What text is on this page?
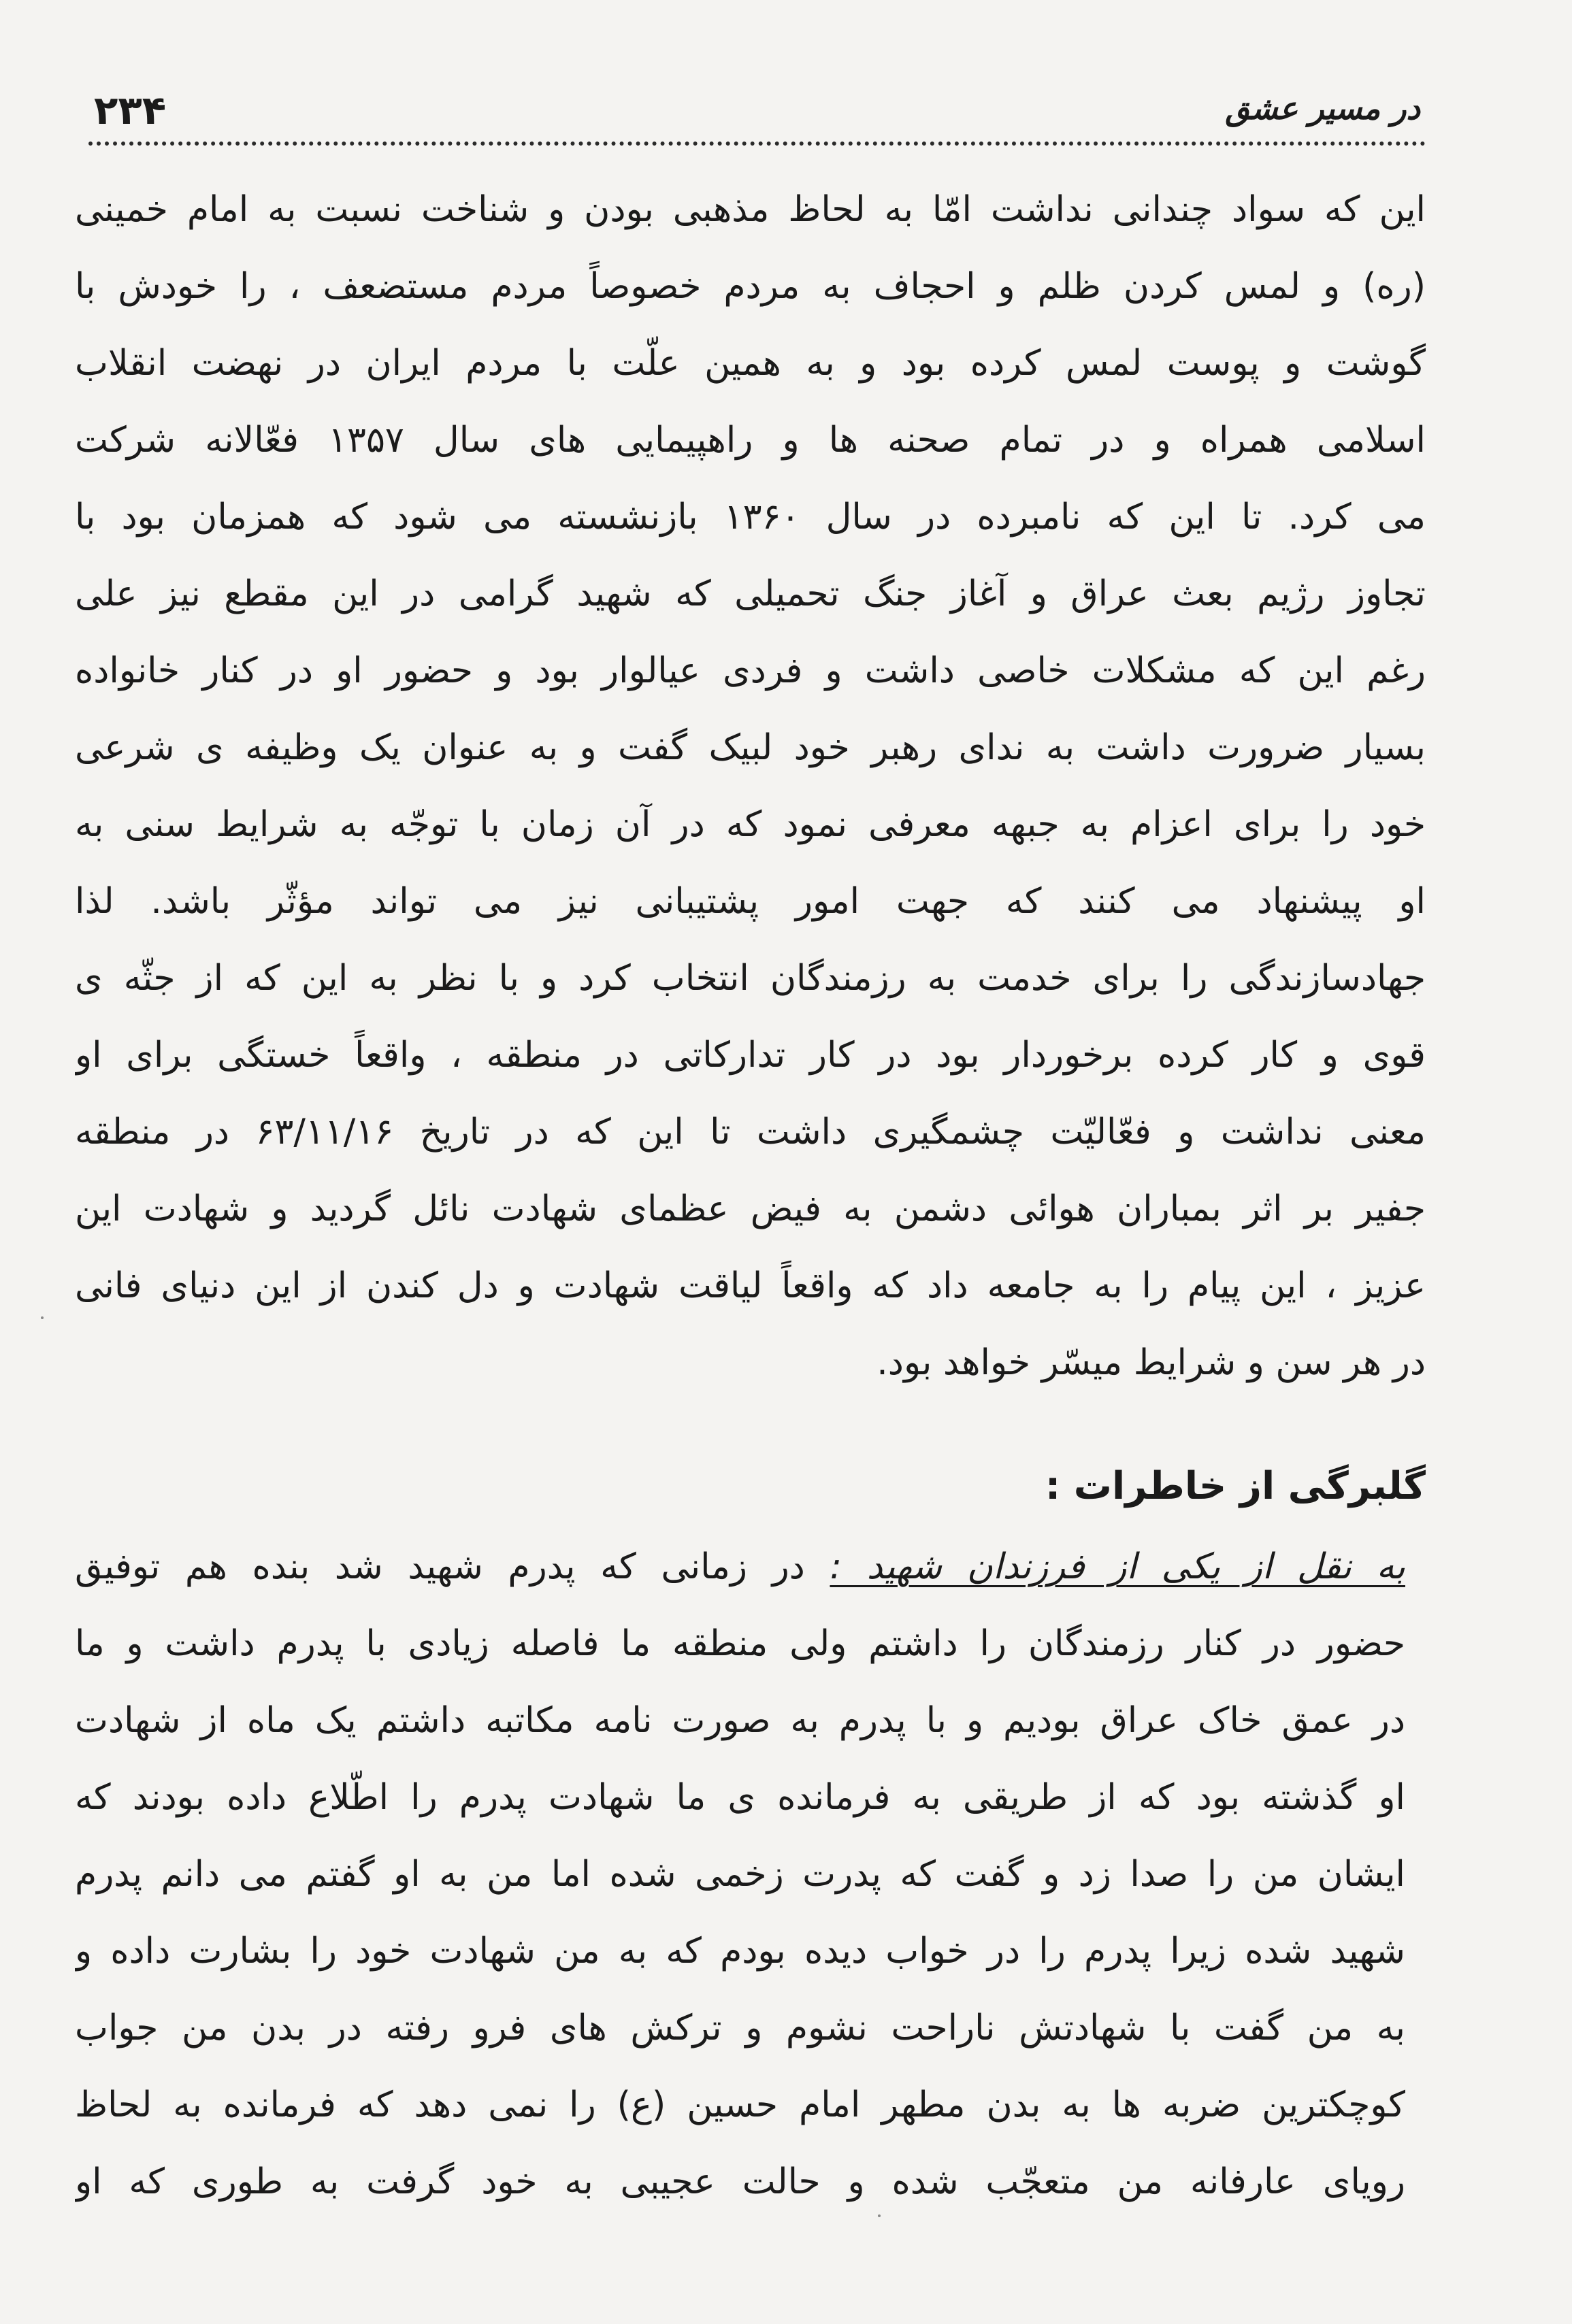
۲۳۴	در مسیر عشق
این که سواد چندانی نداشت امّا به لحاظ مذهبی بودن و شناخت نسبت به امام خمینی
(ره) و لمس کردن ظلم و احجاف به مردم خصوصاً مردم مستضعف ، را خودش با
گوشت و پوست لمس کرده بود و به همین علّت با مردم ایران در نهضت انقلاب
اسلامی همراه و در تمام صحنه ها و راهپیمایی های سال ۱۳۵۷ فعّالانه شرکت
می کرد. تا این که نامبرده در سال ۱۳۶۰ بازنشسته می شود که همزمان بود با
تجاوز رژیم بعث عراق و آغاز جنگ تحمیلی که شهید گرامی در این مقطع نیز علی
رغم این که مشکلات خاصی داشت و فردی عیالوار بود و حضور او در کنار خانواده
بسیار ضرورت داشت به ندای رهبر خود لبیک گفت و به عنوان یک وظیفه ی شرعی
خود را برای اعزام به جبهه معرفی نمود که در آن زمان با توجّه به شرایط سنی به
او پیشنهاد می کنند که جهت امور پشتیبانی نیز می تواند مؤثّر باشد. لذا
جهادسازندگی را برای خدمت به رزمندگان انتخاب کرد و با نظر به این که از جثّه ی
قوی و کار کرده برخوردار بود در کار تدارکاتی در منطقه ، واقعاً خستگی برای او
معنی نداشت و فعّالیّت چشمگیری داشت تا این که در تاریخ ۶۳/۱۱/۱۶ در منطقه
جفیر بر اثر بمباران هوائی دشمن به فیض عظمای شهادت نائل گردید و شهادت این
عزیز ، این پیام را به جامعه داد که واقعاً لیاقت شهادت و دل کندن از این دنیای فانی
در هر سن و شرایط میسّر خواهد بود.
گلبرگی از خاطرات :
به نقل از یکی از فرزندان شهید : در زمانی که پدرم شهید شد بنده هم توفیق
حضور در کنار رزمندگان را داشتم ولی منطقه ما فاصله زیادی با پدرم داشت و ما
در عمق خاک عراق بودیم و با پدرم به صورت نامه مکاتبه داشتم یک ماه از شهادت
او گذشته بود که از طریقی به فرمانده ی ما شهادت پدرم را اطّلاع داده بودند که
ایشان من را صدا زد و گفت که پدرت زخمی شده اما من به او گفتم می دانم پدرم
شهید شده زیرا پدرم را در خواب دیده بودم که به من شهادت خود را بشارت داده و
به من گفت با شهادتش ناراحت نشوم و ترکش های فرو رفته در بدن من جواب
کوچکترین ضربه ها به بدن مطهر امام حسین (ع) را نمی دهد که فرمانده به لحاظ
رویای عارفانه من متعجّب شده و حالت عجیبی به خود گرفت به طوری که او
